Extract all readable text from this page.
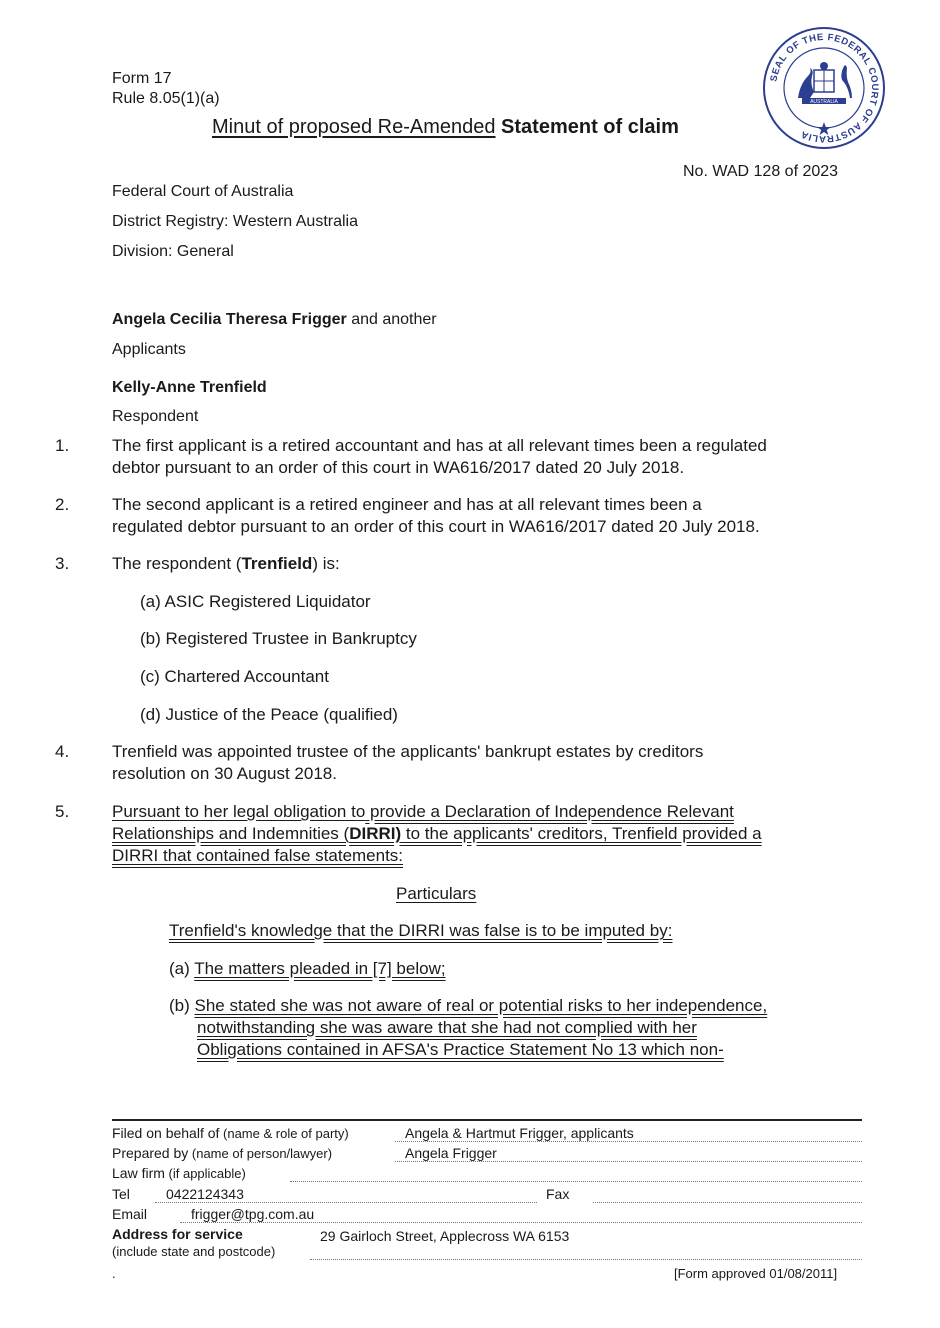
Form 17
Rule 8.05(1)(a)
Minut of proposed Re-Amended Statement of claim
SEAL OF THE FEDERAL COURT OF AUSTRALIA
AUSTRALIA
No. WAD 128 of 2023
Federal Court of Australia
District Registry: Western Australia
Division: General
Angela Cecilia Theresa Frigger and another
Applicants
Kelly-Anne Trenfield
Respondent
1.	The first applicant is a retired accountant and has at all relevant times been a regulated
debtor pursuant to an order of this court in WA616/2017 dated 20 July 2018.
2.	The second applicant is a retired engineer and has at all relevant times been a
regulated debtor pursuant to an order of this court in WA616/2017 dated 20 July 2018.
3.	The respondent (Trenfield) is:
(a) ASIC Registered Liquidator
(b) Registered Trustee in Bankruptcy
(c) Chartered Accountant
(d) Justice of the Peace (qualified)
4.	Trenfield was appointed trustee of the applicants' bankrupt estates by creditors
resolution on 30 August 2018.
5.	Pursuant to her legal obligation to provide a Declaration of Independence Relevant
Relationships and Indemnities (DIRRI) to the applicants' creditors, Trenfield provided a
DIRRI that contained false statements:
Particulars
Trenfield's knowledge that the DIRRI was false is to be imputed by:
(a) The matters pleaded in [7] below;
(b) She stated she was not aware of real or potential risks to her independence,
notwithstanding she was aware that she had not complied with her
Obligations contained in AFSA's Practice Statement No 13 which non-
Filed on behalf of (name & role of party)	Angela & Hartmut Frigger, applicants
Prepared by (name of person/lawyer)	Angela Frigger
Law firm (if applicable)
Tel	0422124343	Fax
Email	frigger@tpg.com.au
Address for service	29 Gairloch Street, Applecross WA 6153
(include state and postcode)
.	[Form approved 01/08/2011]
